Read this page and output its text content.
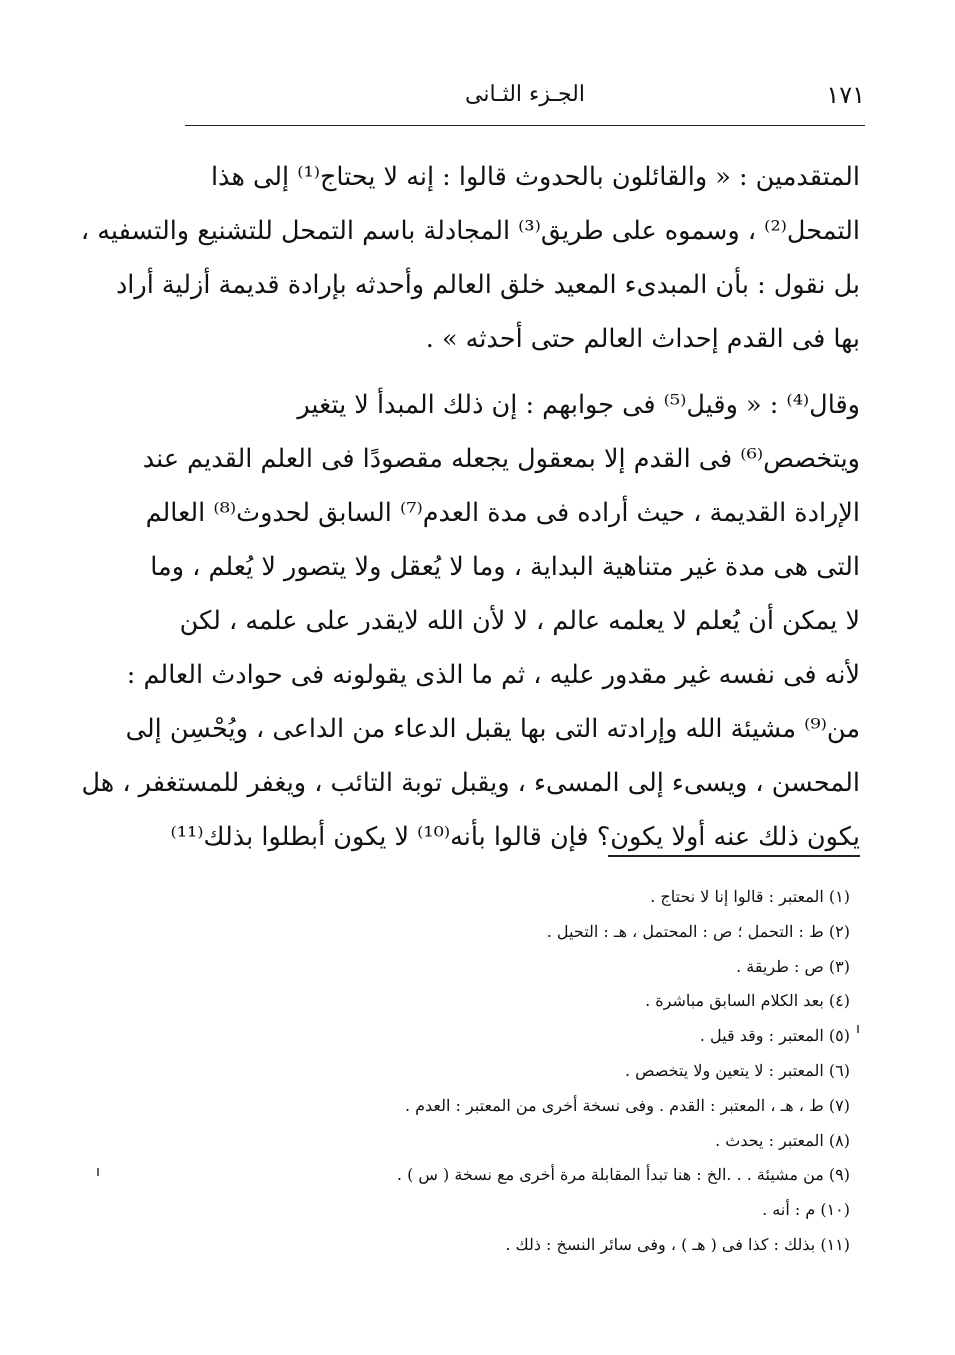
١٧١
الجـزء الثـانى

المتقدمين : « والقائلون بالحدوث قالوا : إنه لا يحتاج⁽¹⁾ إلى هذا
التمحل⁽²⁾ ، وسموه على طريق⁽³⁾ المجادلة باسم التمحل للتشنيع والتسفيه ،
بل نقول : بأن المبدىء المعيد خلق العالم وأحدثه بإرادة قديمة أزلية أراد
بها فى القدم إحداث العالم حتى أحدثه » .

وقال⁽⁴⁾ : « وقيل⁽⁵⁾ فى جوابهم : إن ذلك المبدأ لا يتغير
ويتخصص⁽⁶⁾ فى القدم إلا بمعقول يجعله مقصودًا فى العلم القديم عند
الإرادة القديمة ، حيث أراده فى مدة العدم⁽⁷⁾ السابق لحدوث⁽⁸⁾ العالم
التى هى مدة غير متناهية البداية ، وما لا يُعقل ولا يتصور لا يُعلم ، وما
لا يمكن أن يُعلم لا يعلمه عالم ، لا لأن الله لايقدر على علمه ، لكن
لأنه فى نفسه غير مقدور عليه ، ثم ما الذى يقولونه فى حوادث العالم :
من⁽⁹⁾ مشيئة الله وإرادته التى بها يقبل الدعاء من الداعى ، ويُحْسِن إلى
المحسن ، ويسىء إلى المسىء ، ويقبل توبة التائب ، ويغفر للمستغفر ، هل
يكون ذلك عنه أولا يكون؟ فإن قالوا بأنه⁽¹⁰⁾ لا يكون أبطلوا بذلك⁽¹¹⁾

(١) المعتبر : قالوا إنا لا نحتاج .
(٢) ط : التحمل ؛ ص : المحتمل ، هـ : التحيل .
(٣) ص : طريقة .
(٤) بعد الكلام السابق مباشرة .
(٥) المعتبر : وقد قيل .
(٦) المعتبر : لا يتعين ولا يتخصص .
(٧) ط ، هـ ، المعتبر : القدم . وفى نسخة أخرى من المعتبر : العدم .
(٨) المعتبر : يحدث .
(٩) من مشيئة . . .الخ : هنا تبدأ المقابلة مرة أخرى مع نسخة ( س ) .
(١٠) م : أنه .
(١١) بذلك : كذا فى ( هـ ) ، وفى سائر النسخ : ذلك .
